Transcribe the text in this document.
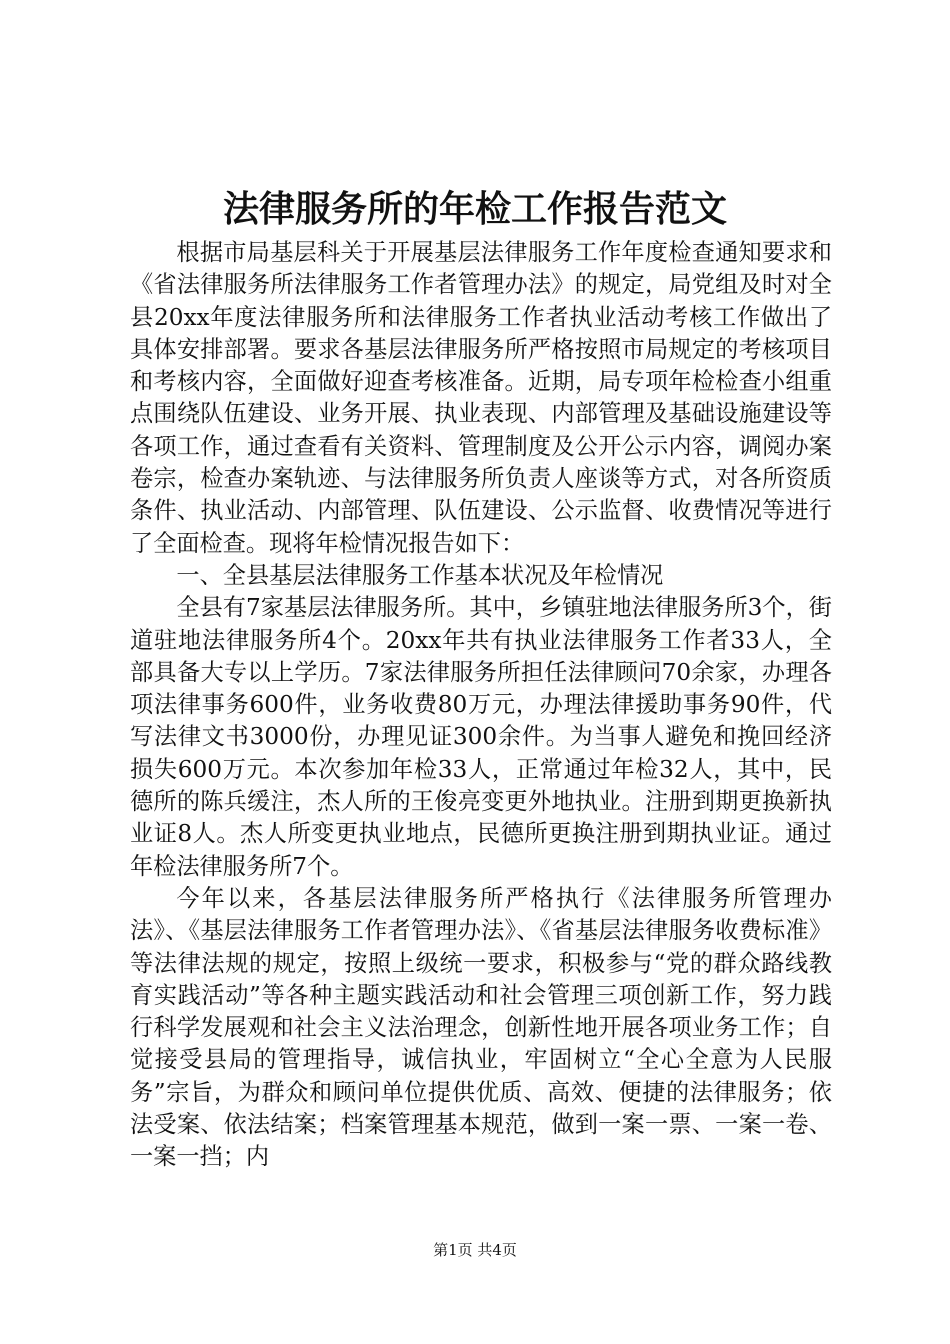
法律服务所的年检工作报告范文

根据市局基层科关于开展基层法律服务工作年度检查通知要求和《省法律服务所法律服务工作者管理办法》的规定，局党组及时对全县20xx年度法律服务所和法律服务工作者执业活动考核工作做出了具体安排部署。要求各基层法律服务所严格按照市局规定的考核项目和考核内容，全面做好迎查考核准备。近期，局专项年检检查小组重点围绕队伍建设、业务开展、执业表现、内部管理及基础设施建设等各项工作，通过查看有关资料、管理制度及公开公示内容，调阅办案卷宗，检查办案轨迹、与法律服务所负责人座谈等方式，对各所资质条件、执业活动、内部管理、队伍建设、公示监督、收费情况等进行了全面检查。现将年检情况报告如下：

一、全县基层法律服务工作基本状况及年检情况

全县有7家基层法律服务所。其中，乡镇驻地法律服务所3个，街道驻地法律服务所4个。20xx年共有执业法律服务工作者33人，全部具备大专以上学历。7家法律服务所担任法律顾问70余家，办理各项法律事务600件，业务收费80万元，办理法律援助事务90件，代写法律文书3000份，办理见证300余件。为当事人避免和挽回经济损失600万元。本次参加年检33人，正常通过年检32人，其中，民德所的陈兵缓注，杰人所的王俊亮变更外地执业。注册到期更换新执业证8人。杰人所变更执业地点，民德所更换注册到期执业证。通过年检法律服务所7个。

今年以来，各基层法律服务所严格执行《法律服务所管理办法》、《基层法律服务工作者管理办法》、《省基层法律服务收费标准》等法律法规的规定，按照上级统一要求，积极参与“党的群众路线教育实践活动”等各种主题实践活动和社会管理三项创新工作，努力践行科学发展观和社会主义法治理念，创新性地开展各项业务工作；自觉接受县局的管理指导，诚信执业，牢固树立“全心全意为人民服务”宗旨，为群众和顾问单位提供优质、高效、便捷的法律服务；依法受案、依法结案；档案管理基本规范，做到一案一票、一案一卷、一案一挡；内

第1页 共4页
